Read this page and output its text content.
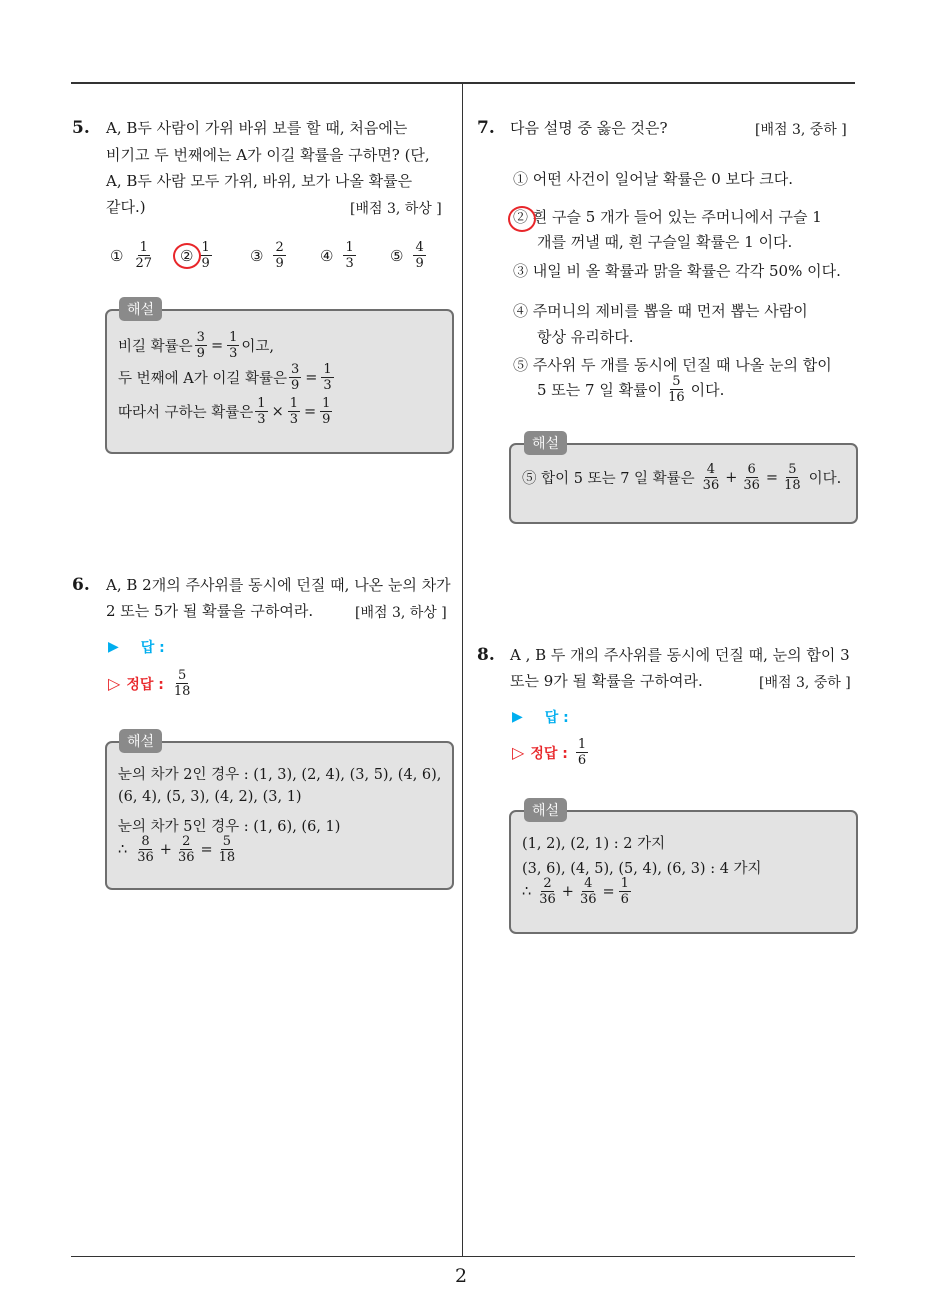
2
5. A, B두 사람이 가위 바위 보를 할 때, 처음에는
비기고 두 번째에는 A가 이길 확률을 구하면? (단,
A, B두 사람 모두 가위, 바위, 보가 나올 확률은
같다.)	[배점 3, 하상 ]
① $\frac{1}{27}$ ② $\frac{1}{9}$	③ $\frac{2}{9}$ ④ $\frac{1}{3}$ ⑤ $\frac{4}{9}$
해설
비길 확률은 $\frac{3}{9} = \frac{1}{3}$ 이고,
두 번째에 A가 이길 확률은 $\frac{3}{9} = \frac{1}{3}$
따라서 구하는 확률은 $\frac{1}{3} \times \frac{1}{3} = \frac{1}{9}$
6. A, B 2개의 주사위를 동시에 던질 때, 나온 눈의 차가
2 또는 5가 될 확률을 구하여라.	[배점 3, 하상 ]
▶ 답 :
▷ 정답 : $\frac{5}{18}$
해설
눈의 차가 2인 경우 : (1, 3), (2, 4), (3, 5), (4, 6),
(6, 4), (5, 3), (4, 2), (3, 1)
눈의 차가 5인 경우 : (1, 6), (6, 1)
∴ $\frac{8}{36} + \frac{2}{36} = \frac{5}{18}$
7. 다음 설명 중 옳은 것은?	[배점 3, 중하 ]
① 어떤 사건이 일어날 확률은 0 보다 크다.
② 흰 구슬 5 개가 들어 있는 주머니에서 구슬 1
개를 꺼낼 때, 흰 구슬일 확률은 1 이다.
③ 내일 비 올 확률과 맑을 확률은 각각 50% 이다.
④ 주머니의 제비를 뽑을 때 먼저 뽑는 사람이
항상 유리하다.
⑤ 주사위 두 개를 동시에 던질 때 나올 눈의 합이
5 또는 7 일 확률이 $\frac{5}{16}$ 이다.
해설
⑤ 합이 5 또는 7 일 확률은 $\frac{4}{36} + \frac{6}{36} = \frac{5}{18}$ 이다.
8. A , B 두 개의 주사위를 동시에 던질 때, 눈의 합이 3
또는 9가 될 확률을 구하여라.	[배점 3, 중하 ]
▶ 답 :
▷ 정답 : $\frac{1}{6}$
해설
(1, 2), (2, 1) : 2 가지
(3, 6), (4, 5), (5, 4), (6, 3) : 4 가지
∴ $\frac{2}{36} + \frac{4}{36} = \frac{1}{6}$
